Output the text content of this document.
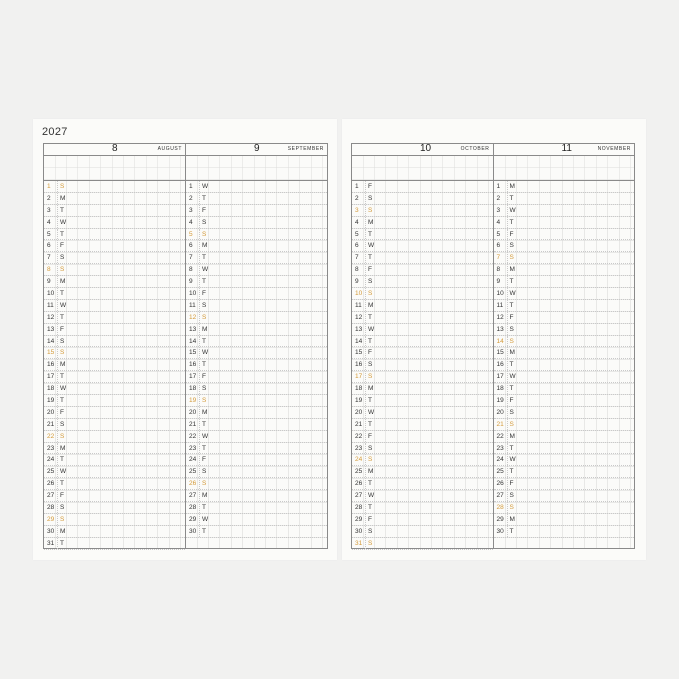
2027
8	AUGUST
1 S
2 M
3 T
4 W
5 T
6 F
7 S
8 S
9 M
10 T
11 W
12 T
13 F
14 S
15 S
16 M
17 T
18 W
19 T
20 F
21 S
22 S
23 M
24 T
25 W
26 T
27 F
28 S
29 S
30 M
31 T
9	SEPTEMBER
1 W
2 T
3 F
4 S
5 S
6 M
7 T
8 W
9 T
10 F
11 S
12 S
13 M
14 T
15 W
16 T
17 F
18 S
19 S
20 M
21 T
22 W
23 T
24 F
25 S
26 S
27 M
28 T
29 W
30 T
10	OCTOBER
1 F
2 S
3 S
4 M
5 T
6 W
7 T
8 F
9 S
10 S
11 M
12 T
13 W
14 T
15 F
16 S
17 S
18 M
19 T
20 W
21 T
22 F
23 S
24 S
25 M
26 T
27 W
28 T
29 F
30 S
31 S
11	NOVEMBER
1 M
2 T
3 W
4 T
5 F
6 S
7 S
8 M
9 T
10 W
11 T
12 F
13 S
14 S
15 M
16 T
17 W
18 T
19 F
20 S
21 S
22 M
23 T
24 W
25 T
26 F
27 S
28 S
29 M
30 T
